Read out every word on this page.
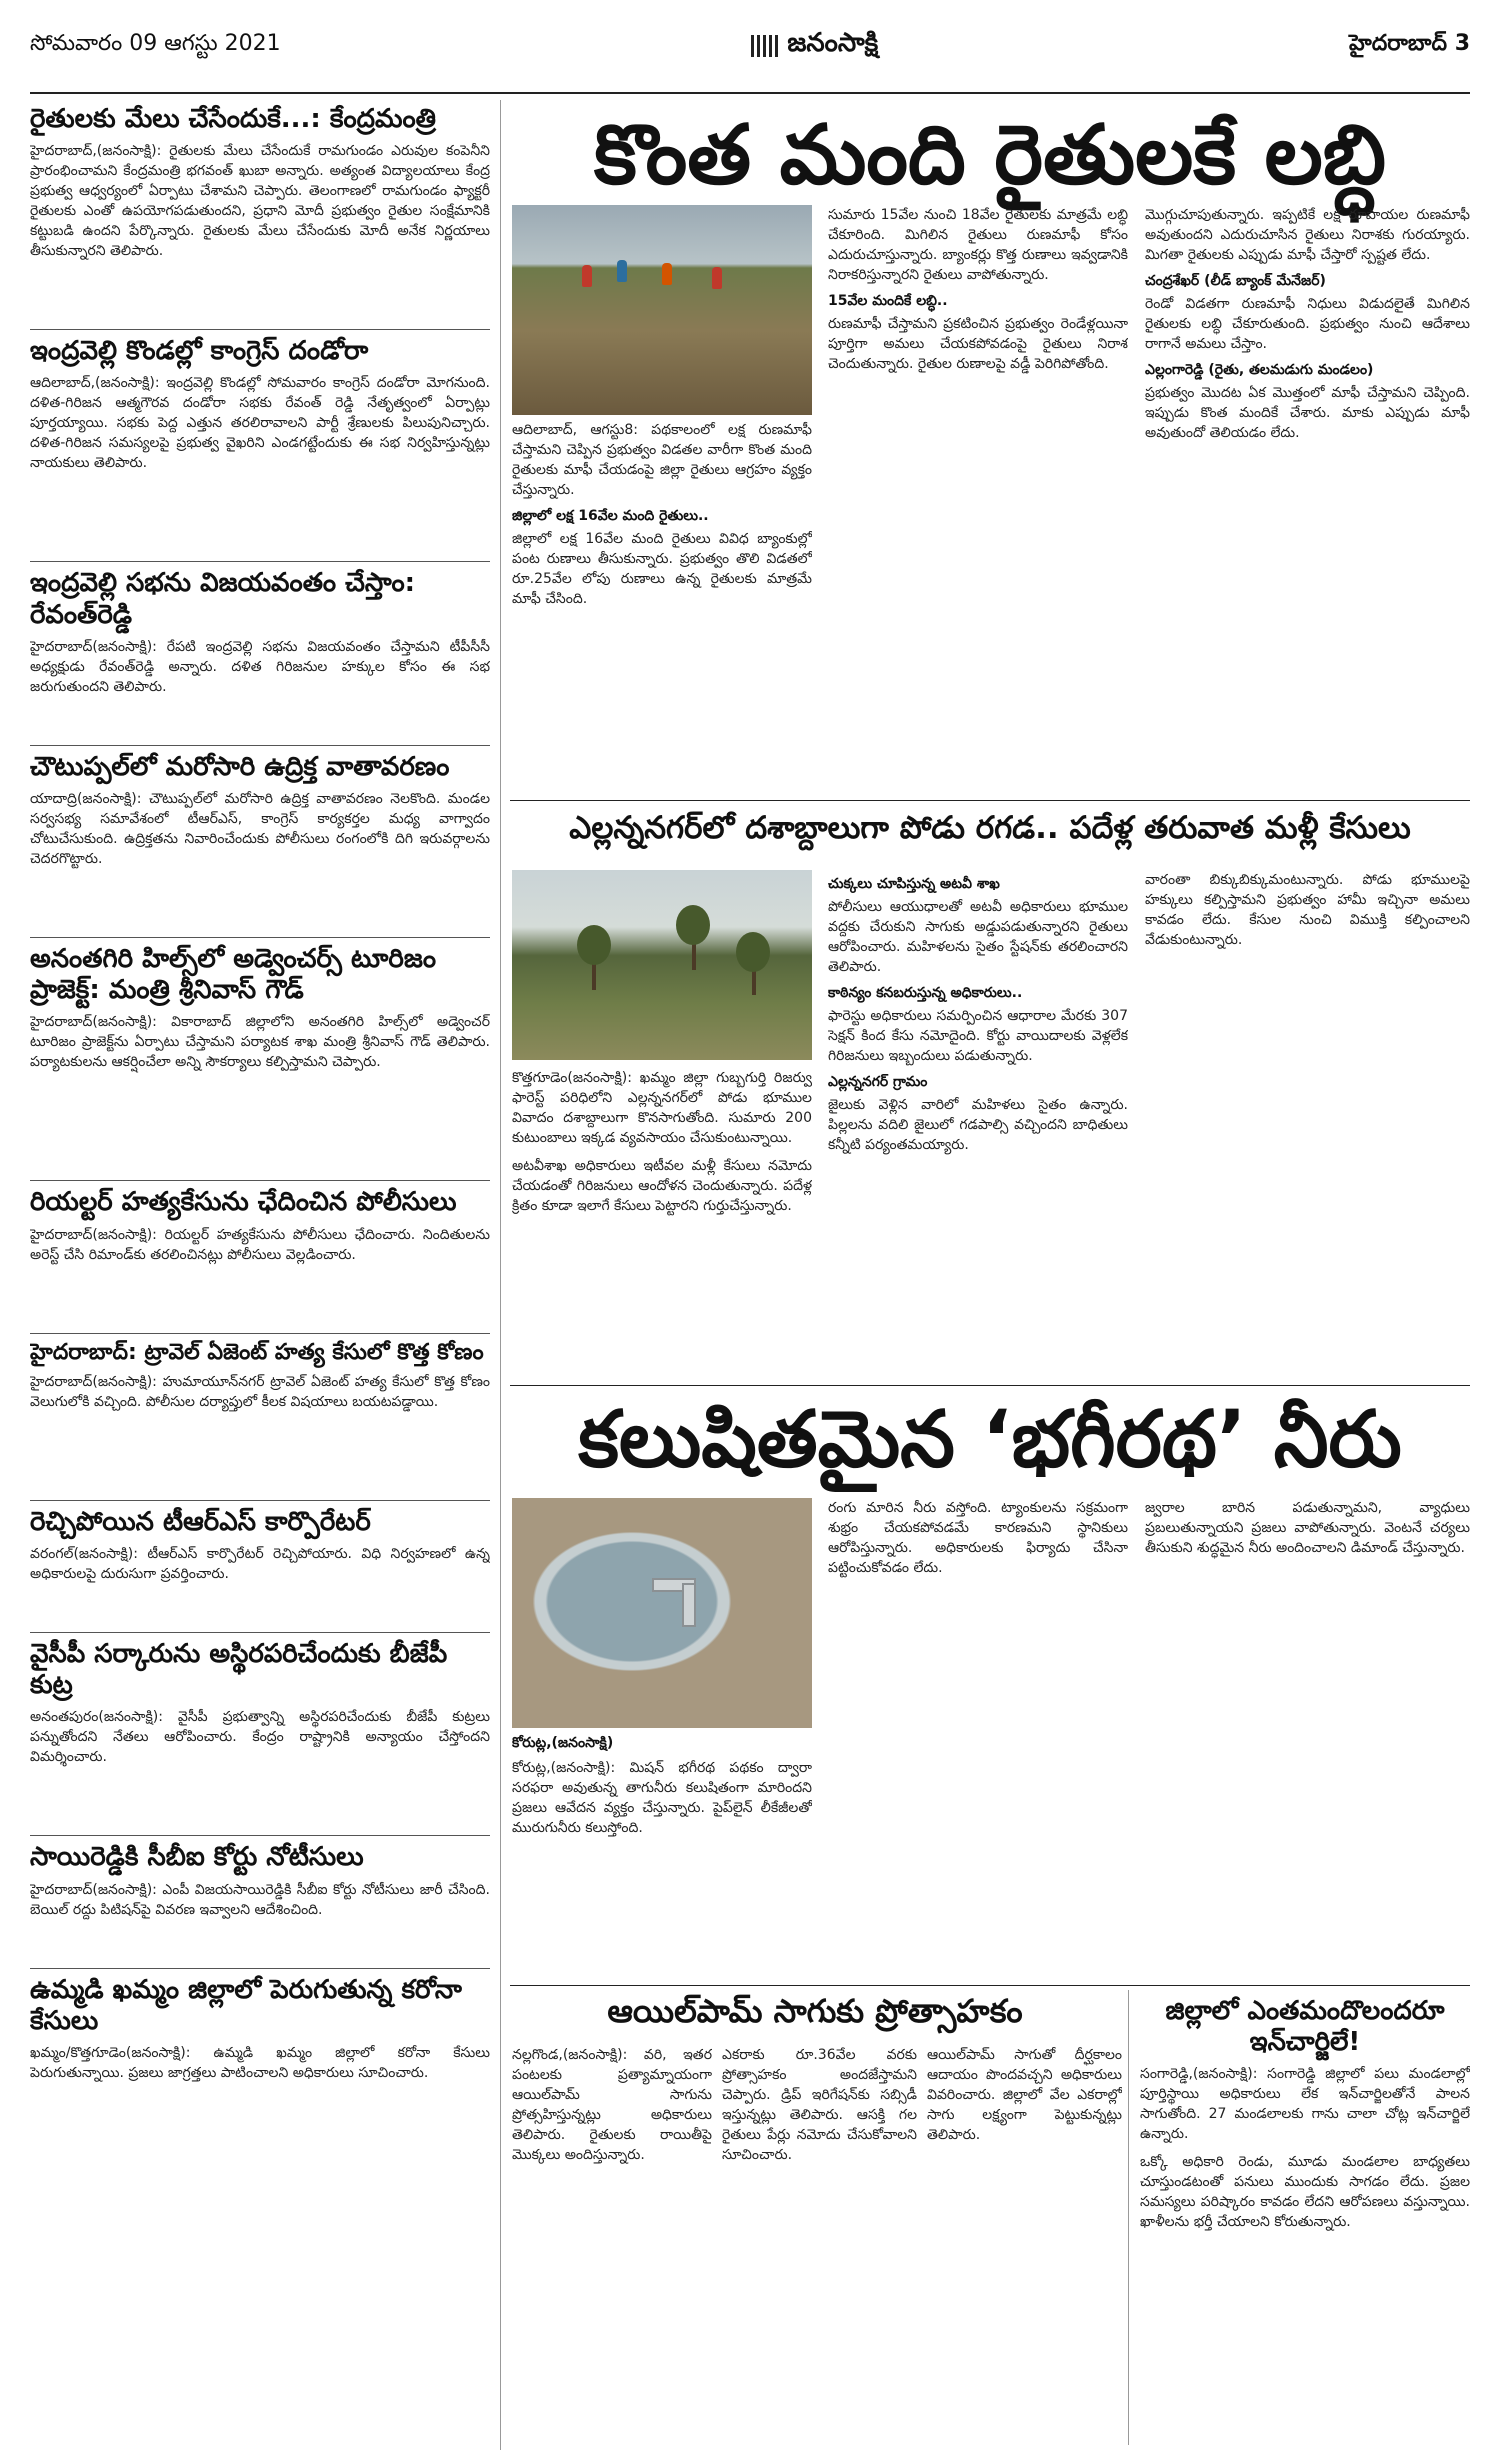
సోమవారం 09 ఆగస్టు 2021	జనంసాక్షి	హైదరాబాద్ 3
రైతులకు మేలు చేసేందుకే...: కేంద్రమంత్రి

హైదరాబాద్,(జనంసాక్షి): రైతులకు మేలు చేసేందుకే రామగుండం ఎరువుల కంపెనీని ప్రారంభించామని కేంద్రమంత్రి భగవంత్ ఖుబా అన్నారు. అత్యంత విద్యాలయాలు కేంద్ర ప్రభుత్వ ఆధ్వర్యంలో ఏర్పాటు చేశామని చెప్పారు. తెలంగాణలో రామగుండం ఫ్యాక్టరీ రైతులకు ఎంతో ఉపయోగపడుతుందని, ప్రధాని మోదీ ప్రభుత్వం రైతుల సంక్షేమానికి కట్టుబడి ఉందని పేర్కొన్నారు. రైతులకు మేలు చేసేందుకు మోదీ అనేక నిర్ణయాలు తీసుకున్నారని తెలిపారు.

ఇంద్రవెల్లి కొండల్లో కాంగ్రెస్ దండోరా

ఆదిలాబాద్,(జనంసాక్షి): ఇంద్రవెల్లి కొండల్లో సోమవారం కాంగ్రెస్ దండోరా మోగనుంది. దళిత-గిరిజన ఆత్మగౌరవ దండోరా సభకు రేవంత్ రెడ్డి నేతృత్వంలో ఏర్పాట్లు పూర్తయ్యాయి. సభకు పెద్ద ఎత్తున తరలిరావాలని పార్టీ శ్రేణులకు పిలుపునిచ్చారు. దళిత-గిరిజన సమస్యలపై ప్రభుత్వ వైఖరిని ఎండగట్టేందుకు ఈ సభ నిర్వహిస్తున్నట్లు నాయకులు తెలిపారు.

ఇంద్రవెల్లి సభను విజయవంతం చేస్తాం: రేవంత్‌రెడ్డి

హైదరాబాద్(జనంసాక్షి): రేపటి ఇంద్రవెల్లి సభను విజయవంతం చేస్తామని టీపీసీసీ అధ్యక్షుడు రేవంత్‌రెడ్డి అన్నారు. దళిత గిరిజనుల హక్కుల కోసం ఈ సభ జరుగుతుందని తెలిపారు.

చౌటుప్పల్‌లో మరోసారి ఉద్రిక్త వాతావరణం

యాదాద్రి(జనంసాక్షి): చౌటుప్పల్‌లో మరోసారి ఉద్రిక్త వాతావరణం నెలకొంది. మండల సర్వసభ్య సమావేశంలో టీఆర్‌ఎస్, కాంగ్రెస్ కార్యకర్తల మధ్య వాగ్వాదం చోటుచేసుకుంది. ఉద్రిక్తతను నివారించేందుకు పోలీసులు రంగంలోకి దిగి ఇరువర్గాలను చెదరగొట్టారు.

అనంతగిరి హిల్స్‌లో అడ్వెంచర్స్ టూరిజం ప్రాజెక్ట్: మంత్రి శ్రీనివాస్ గౌడ్

హైదరాబాద్(జనంసాక్షి): వికారాబాద్ జిల్లాలోని అనంతగిరి హిల్స్‌లో అడ్వెంచర్ టూరిజం ప్రాజెక్ట్‌ను ఏర్పాటు చేస్తామని పర్యాటక శాఖ మంత్రి శ్రీనివాస్ గౌడ్ తెలిపారు. పర్యాటకులను ఆకర్షించేలా అన్ని సౌకర్యాలు కల్పిస్తామని చెప్పారు.

రియల్టర్ హత్యకేసును ఛేదించిన పోలీసులు

హైదరాబాద్(జనంసాక్షి): రియల్టర్ హత్యకేసును పోలీసులు ఛేదించారు. నిందితులను అరెస్ట్ చేసి రిమాండ్‌కు తరలించినట్లు పోలీసులు వెల్లడించారు.

హైదరాబాద్: ట్రావెల్ ఏజెంట్ హత్య కేసులో కొత్త కోణం

హైదరాబాద్(జనంసాక్షి): హుమాయూన్‌నగర్ ట్రావెల్ ఏజెంట్ హత్య కేసులో కొత్త కోణం వెలుగులోకి వచ్చింది. పోలీసుల దర్యాప్తులో కీలక విషయాలు బయటపడ్డాయి.

రెచ్చిపోయిన టీఆర్‌ఎస్ కార్పొరేటర్

వరంగల్(జనంసాక్షి): టీఆర్‌ఎస్ కార్పొరేటర్ రెచ్చిపోయారు. విధి నిర్వహణలో ఉన్న అధికారులపై దురుసుగా ప్రవర్తించారు.

వైసీపీ సర్కారును అస్థిరపరిచేందుకు బీజేపీ కుట్ర

అనంతపురం(జనంసాక్షి): వైసీపీ ప్రభుత్వాన్ని అస్థిరపరిచేందుకు బీజేపీ కుట్రలు పన్నుతోందని నేతలు ఆరోపించారు. కేంద్రం రాష్ట్రానికి అన్యాయం చేస్తోందని విమర్శించారు.

సాయిరెడ్డికి సీబీఐ కోర్టు నోటీసులు

హైదరాబాద్(జనంసాక్షి): ఎంపీ విజయసాయిరెడ్డికి సీబీఐ కోర్టు నోటీసులు జారీ చేసింది. బెయిల్ రద్దు పిటిషన్‌పై వివరణ ఇవ్వాలని ఆదేశించింది.

ఉమ్మడి ఖమ్మం జిల్లాలో పెరుగుతున్న కరోనా కేసులు

ఖమ్మం/కొత్తగూడెం(జనంసాక్షి): ఉమ్మడి ఖమ్మం జిల్లాలో కరోనా కేసులు పెరుగుతున్నాయి. ప్రజలు జాగ్రత్తలు పాటించాలని అధికారులు సూచించారు.

కొంత మంది రైతులకే లబ్ధి

ఆదిలాబాద్, ఆగస్టు8: పథకాలంలో లక్ష రుణమాఫీ చేస్తామని చెప్పిన ప్రభుత్వం విడతల వారీగా కొంత మంది రైతులకు మాఫీ చేయడంపై జిల్లా రైతులు ఆగ్రహం వ్యక్తం చేస్తున్నారు.

జిల్లాలో లక్ష 16వేల మంది రైతులు..

జిల్లాలో లక్ష 16వేల మంది రైతులు వివిధ బ్యాంకుల్లో పంట రుణాలు తీసుకున్నారు. ప్రభుత్వం తొలి విడతలో రూ.25వేల లోపు రుణాలు ఉన్న రైతులకు మాత్రమే మాఫీ చేసింది.

సుమారు 15వేల నుంచి 18వేల రైతులకు మాత్రమే లబ్ధి చేకూరింది. మిగిలిన రైతులు రుణమాఫీ కోసం ఎదురుచూస్తున్నారు. బ్యాంకర్లు కొత్త రుణాలు ఇవ్వడానికి నిరాకరిస్తున్నారని రైతులు వాపోతున్నారు.

15వేల మందికే లబ్ధి..

రుణమాఫీ చేస్తామని ప్రకటించిన ప్రభుత్వం రెండేళ్లయినా పూర్తిగా అమలు చేయకపోవడంపై రైతులు నిరాశ చెందుతున్నారు. రైతుల రుణాలపై వడ్డీ పెరిగిపోతోంది.

మొగ్గుచూపుతున్నారు. ఇప్పటికే లక్ష రూపాయల రుణమాఫీ అవుతుందని ఎదురుచూసిన రైతులు నిరాశకు గురయ్యారు. మిగతా రైతులకు ఎప్పుడు మాఫీ చేస్తారో స్పష్టత లేదు.

చంద్రశేఖర్ (లీడ్ బ్యాంక్ మేనేజర్)

రెండో విడతగా రుణమాఫీ నిధులు విడుదలైతే మిగిలిన రైతులకు లబ్ధి చేకూరుతుంది. ప్రభుత్వం నుంచి ఆదేశాలు రాగానే అమలు చేస్తాం.

ఎల్లంగారెడ్డి (రైతు, తలమడుగు మండలం)

ప్రభుత్వం మొదట ఏక మొత్తంలో మాఫీ చేస్తామని చెప్పింది. ఇప్పుడు కొంత మందికే చేశారు. మాకు ఎప్పుడు మాఫీ అవుతుందో తెలియడం లేదు.

ఎల్లన్ననగర్‌లో దశాబ్దాలుగా పోడు రగడ.. పదేళ్ల తరువాత మళ్లీ కేసులు

కొత్తగూడెం(జనంసాక్షి): ఖమ్మం జిల్లా గుబ్బగుర్తి రిజర్వు ఫారెస్ట్ పరిధిలోని ఎల్లన్ననగర్‌లో పోడు భూముల వివాదం దశాబ్దాలుగా కొనసాగుతోంది. సుమారు 200 కుటుంబాలు ఇక్కడ వ్యవసాయం చేసుకుంటున్నాయి.

అటవీశాఖ అధికారులు ఇటీవల మళ్లీ కేసులు నమోదు చేయడంతో గిరిజనులు ఆందోళన చెందుతున్నారు. పదేళ్ల క్రితం కూడా ఇలాగే కేసులు పెట్టారని గుర్తుచేస్తున్నారు.

చుక్కలు చూపిస్తున్న అటవీ శాఖ

పోలీసులు ఆయుధాలతో అటవీ అధికారులు భూముల వద్దకు చేరుకుని సాగుకు అడ్డుపడుతున్నారని రైతులు ఆరోపించారు. మహిళలను సైతం స్టేషన్‌కు తరలించారని తెలిపారు.

కాఠిన్యం కనబరుస్తున్న అధికారులు..

ఫారెస్టు అధికారులు సమర్పించిన ఆధారాల మేరకు 307 సెక్షన్ కింద కేసు నమోదైంది. కోర్టు వాయిదాలకు వెళ్లలేక గిరిజనులు ఇబ్బందులు పడుతున్నారు.

ఎల్లన్ననగర్ గ్రామం

జైలుకు వెళ్లిన వారిలో మహిళలు సైతం ఉన్నారు. పిల్లలను వదిలి జైలులో గడపాల్సి వచ్చిందని బాధితులు కన్నీటి పర్యంతమయ్యారు.

వారంతా బిక్కుబిక్కుమంటున్నారు. పోడు భూములపై హక్కులు కల్పిస్తామని ప్రభుత్వం హామీ ఇచ్చినా అమలు కావడం లేదు. కేసుల నుంచి విముక్తి కల్పించాలని వేడుకుంటున్నారు.

కలుషితమైన ‘భగీరథ’ నీరు
కోరుట్ల,(జనంసాక్షి)

కోరుట్ల,(జనంసాక్షి): మిషన్ భగీరథ పథకం ద్వారా సరఫరా అవుతున్న తాగునీరు కలుషితంగా మారిందని ప్రజలు ఆవేదన వ్యక్తం చేస్తున్నారు. పైప్‌లైన్ లీకేజీలతో మురుగునీరు కలుస్తోంది.

రంగు మారిన నీరు వస్తోంది. ట్యాంకులను సక్రమంగా శుభ్రం చేయకపోవడమే కారణమని స్థానికులు ఆరోపిస్తున్నారు. అధికారులకు ఫిర్యాదు చేసినా పట్టించుకోవడం లేదు.

జ్వరాల బారిన పడుతున్నామని, వ్యాధులు ప్రబలుతున్నాయని ప్రజలు వాపోతున్నారు. వెంటనే చర్యలు తీసుకుని శుద్ధమైన నీరు అందించాలని డిమాండ్ చేస్తున్నారు.

ఆయిల్‌పామ్ సాగుకు ప్రోత్సాహకం

నల్లగొండ,(జనంసాక్షి): వరి, ఇతర పంటలకు ప్రత్యామ్నాయంగా ఆయిల్‌పామ్ సాగును ప్రోత్సహిస్తున్నట్లు అధికారులు తెలిపారు. రైతులకు రాయితీపై మొక్కలు అందిస్తున్నారు.

ఎకరాకు రూ.36వేల వరకు ప్రోత్సాహకం అందజేస్తామని చెప్పారు. డ్రిప్ ఇరిగేషన్‌కు సబ్సిడీ ఇస్తున్నట్లు తెలిపారు. ఆసక్తి గల రైతులు పేర్లు నమోదు చేసుకోవాలని సూచించారు.

ఆయిల్‌పామ్ సాగుతో దీర్ఘకాలం ఆదాయం పొందవచ్చని అధికారులు వివరించారు. జిల్లాలో వేల ఎకరాల్లో సాగు లక్ష్యంగా పెట్టుకున్నట్లు తెలిపారు.

జిల్లాలో ఎంతమందొలందరూ ఇన్‌చార్జిలే!

సంగారెడ్డి,(జనంసాక్షి): సంగారెడ్డి జిల్లాలో పలు మండలాల్లో పూర్తిస్థాయి అధికారులు లేక ఇన్‌చార్జిలతోనే పాలన సాగుతోంది. 27 మండలాలకు గాను చాలా చోట్ల ఇన్‌చార్జిలే ఉన్నారు.

ఒక్కో అధికారి రెండు, మూడు మండలాల బాధ్యతలు చూస్తుండటంతో పనులు ముందుకు సాగడం లేదు. ప్రజల సమస్యలు పరిష్కారం కావడం లేదని ఆరోపణలు వస్తున్నాయి. ఖాళీలను భర్తీ చేయాలని కోరుతున్నారు.
